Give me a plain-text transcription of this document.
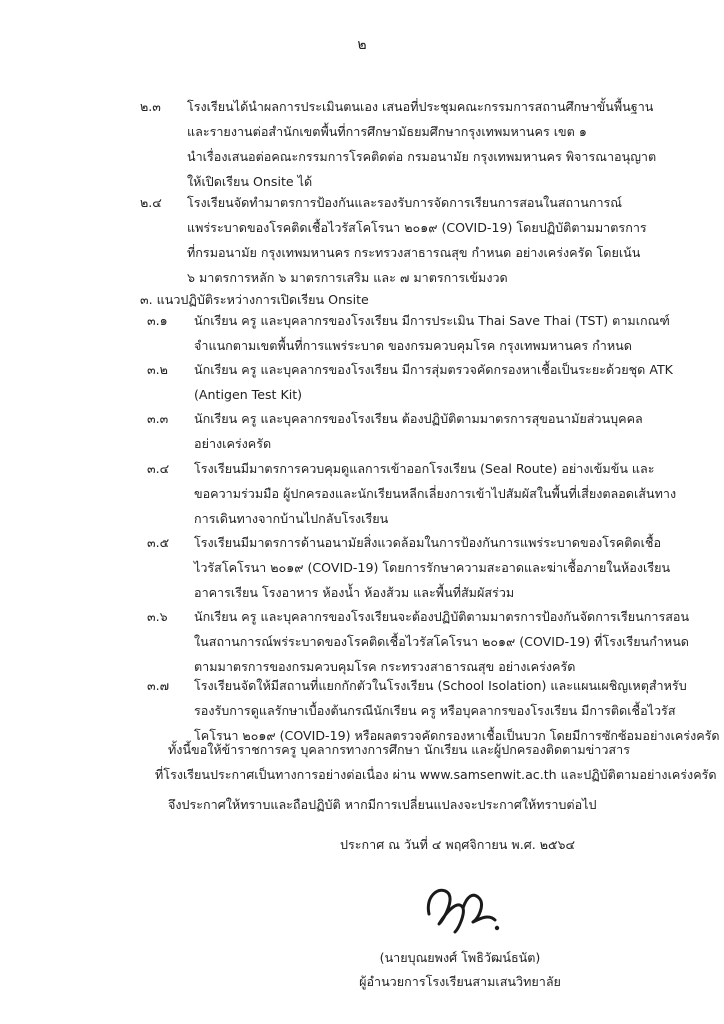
๒
๒.๓ โรงเรียนได้นำผลการประเมินตนเอง เสนอที่ประชุมคณะกรรมการสถานศึกษาขั้นพื้นฐาน
และรายงานต่อสำนักเขตพื้นที่การศึกษามัธยมศึกษากรุงเทพมหานคร เขต ๑
นำเรื่องเสนอต่อคณะกรรมการโรคติดต่อ กรมอนามัย กรุงเทพมหานคร พิจารณาอนุญาต
ให้เปิดเรียน Onsite ได้
๒.๔ โรงเรียนจัดทำมาตรการป้องกันและรองรับการจัดการเรียนการสอนในสถานการณ์
แพร่ระบาดของโรคติดเชื้อไวรัสโคโรนา ๒๐๑๙ (COVID-19) โดยปฏิบัติตามมาตรการ
ที่กรมอนามัย กรุงเทพมหานคร กระทรวงสาธารณสุข กำหนด อย่างเคร่งครัด โดยเน้น
๖ มาตรการหลัก ๖ มาตรการเสริม และ ๗ มาตรการเข้มงวด
๓. แนวปฏิบัติระหว่างการเปิดเรียน Onsite
๓.๑ นักเรียน ครู และบุคลากรของโรงเรียน มีการประเมิน Thai Save Thai (TST) ตามเกณฑ์
จำแนกตามเขตพื้นที่การแพร่ระบาด ของกรมควบคุมโรค กรุงเทพมหานคร กำหนด
๓.๒ นักเรียน ครู และบุคลากรของโรงเรียน มีการสุ่มตรวจคัดกรองหาเชื้อเป็นระยะด้วยชุด ATK
(Antigen Test Kit)
๓.๓ นักเรียน ครู และบุคลากรของโรงเรียน ต้องปฏิบัติตามมาตรการสุขอนามัยส่วนบุคคล
อย่างเคร่งครัด
๓.๔ โรงเรียนมีมาตรการควบคุมดูแลการเข้าออกโรงเรียน (Seal Route) อย่างเข้มข้น และ
ขอความร่วมมือ ผู้ปกครองและนักเรียนหลีกเลี่ยงการเข้าไปสัมผัสในพื้นที่เสี่ยงตลอดเส้นทาง
การเดินทางจากบ้านไปกลับโรงเรียน
๓.๕ โรงเรียนมีมาตรการด้านอนามัยสิ่งแวดล้อมในการป้องกันการแพร่ระบาดของโรคติดเชื้อ
ไวรัสโคโรนา ๒๐๑๙ (COVID-19) โดยการรักษาความสะอาดและฆ่าเชื้อภายในห้องเรียน
อาคารเรียน โรงอาหาร ห้องน้ำ ห้องส้วม และพื้นที่สัมผัสร่วม
๓.๖ นักเรียน ครู และบุคลากรของโรงเรียนจะต้องปฏิบัติตามมาตรการป้องกันจัดการเรียนการสอน
ในสถานการณ์พร่ระบาดของโรคติดเชื้อไวรัสโคโรนา ๒๐๑๙ (COVID-19) ที่โรงเรียนกำหนด
ตามมาตรการของกรมควบคุมโรค กระทรวงสาธารณสุข อย่างเคร่งครัด
๓.๗ โรงเรียนจัดให้มีสถานที่แยกกักตัวในโรงเรียน (School Isolation) และแผนเผชิญเหตุสำหรับ
รองรับการดูแลรักษาเบื้องต้นกรณีนักเรียน ครู หรือบุคลากรของโรงเรียน มีการติดเชื้อไวรัส
โคโรนา ๒๐๑๙ (COVID-19) หรือผลตรวจคัดกรองหาเชื้อเป็นบวก โดยมีการซักซ้อมอย่างเคร่งครัด
ทั้งนี้ขอให้ข้าราชการครู บุคลากรทางการศึกษา นักเรียน และผู้ปกครองติดตามข่าวสาร
ที่โรงเรียนประกาศเป็นทางการอย่างต่อเนื่อง ผ่าน www.samsenwit.ac.th และปฏิบัติตามอย่างเคร่งครัด
จึงประกาศให้ทราบและถือปฏิบัติ หากมีการเปลี่ยนแปลงจะประกาศให้ทราบต่อไป
ประกาศ ณ วันที่ ๔ พฤศจิกายน พ.ศ. ๒๕๖๔
(นายบุณยพงศ์ โพธิวัฒน์ธนัต)
ผู้อำนวยการโรงเรียนสามเสนวิทยาลัย
